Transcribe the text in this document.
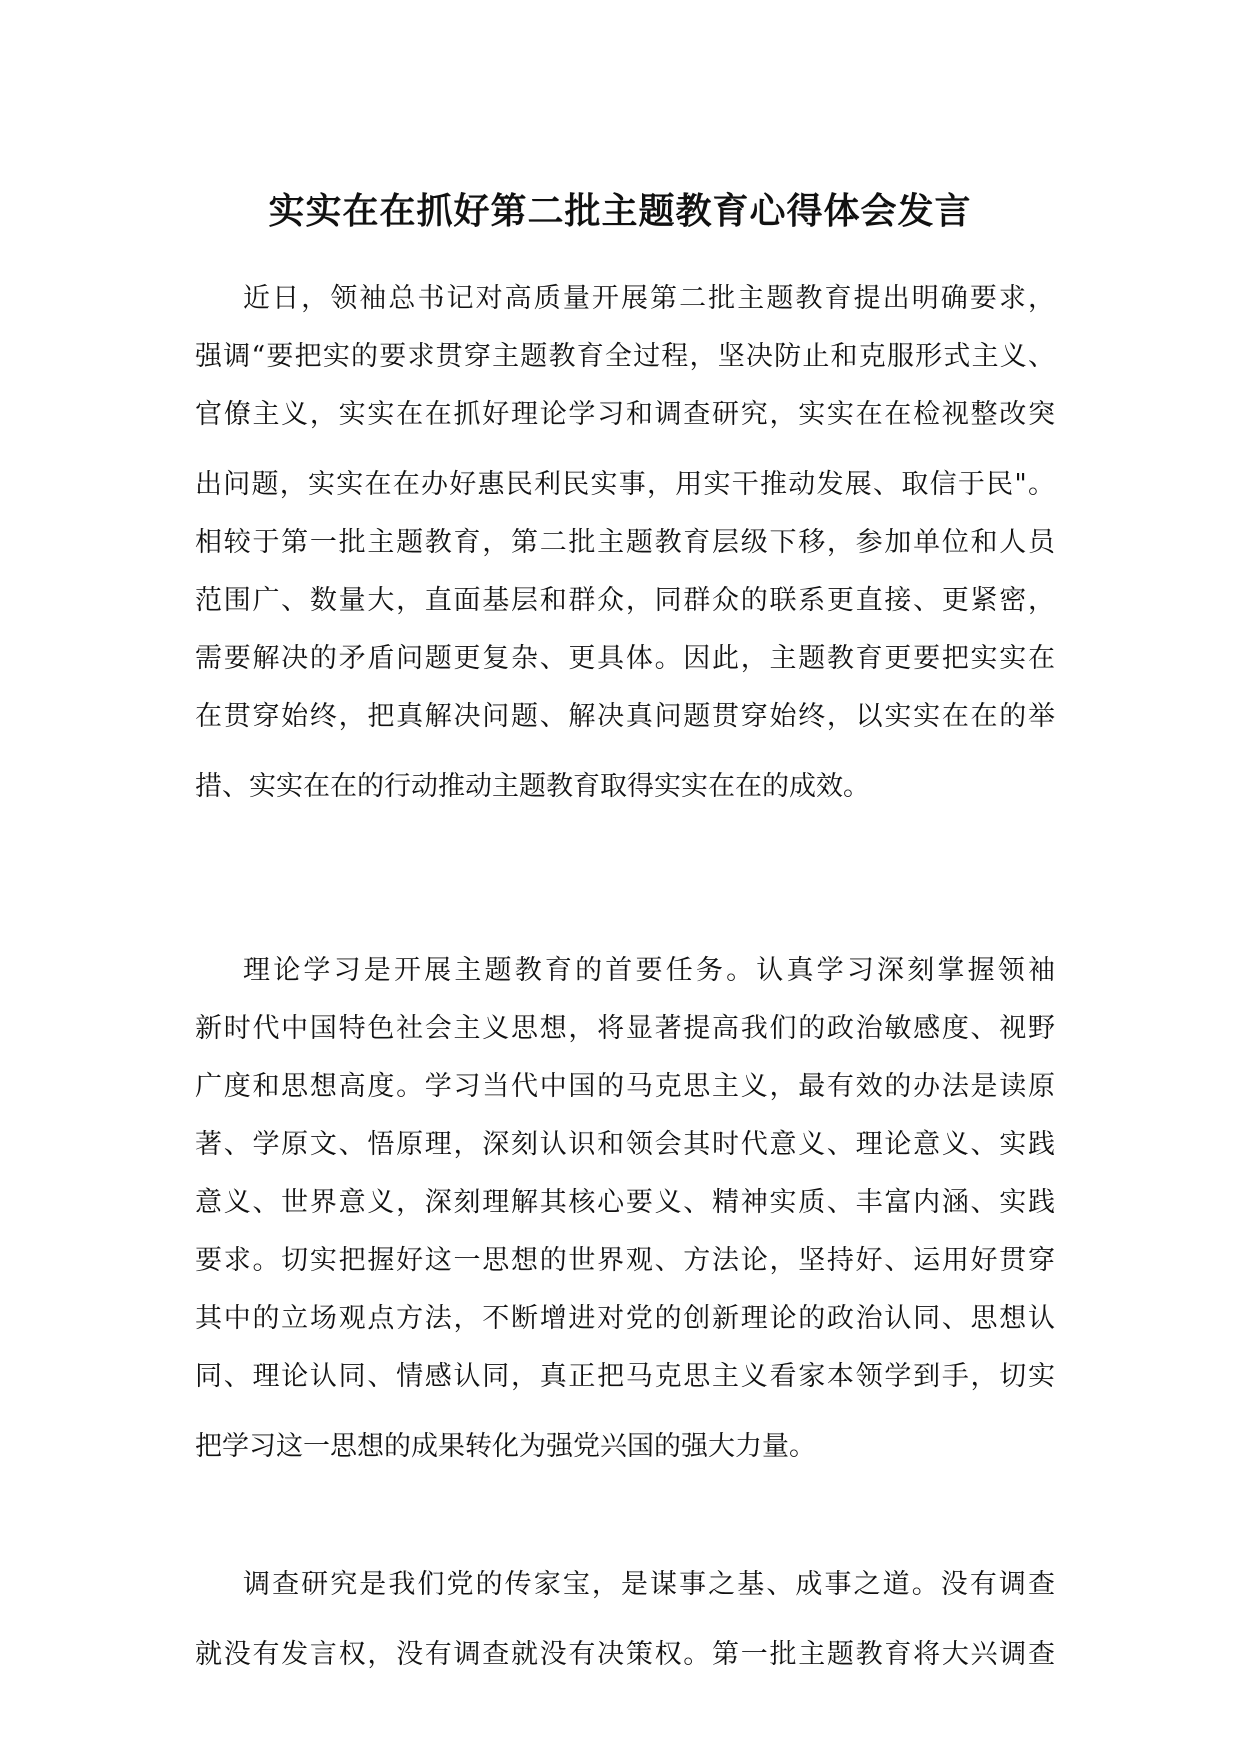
实实在在抓好第二批主题教育心得体会发言
近日，领袖总书记对高质量开展第二批主题教育提出明确要求，
强调“要把实的要求贯穿主题教育全过程，坚决防止和克服形式主义、
官僚主义，实实在在抓好理论学习和调查研究，实实在在检视整改突
出问题，实实在在办好惠民利民实事，用实干推动发展、取信于民"。
相较于第一批主题教育，第二批主题教育层级下移，参加单位和人员
范围广、数量大，直面基层和群众，同群众的联系更直接、更紧密，
需要解决的矛盾问题更复杂、更具体。因此，主题教育更要把实实在
在贯穿始终，把真解决问题、解决真问题贯穿始终，以实实在在的举
措、实实在在的行动推动主题教育取得实实在在的成效。
理论学习是开展主题教育的首要任务。认真学习深刻掌握领袖
新时代中国特色社会主义思想，将显著提高我们的政治敏感度、视野
广度和思想高度。学习当代中国的马克思主义，最有效的办法是读原
著、学原文、悟原理，深刻认识和领会其时代意义、理论意义、实践
意义、世界意义，深刻理解其核心要义、精神实质、丰富内涵、实践
要求。切实把握好这一思想的世界观、方法论，坚持好、运用好贯穿
其中的立场观点方法，不断增进对党的创新理论的政治认同、思想认
同、理论认同、情感认同，真正把马克思主义看家本领学到手，切实
把学习这一思想的成果转化为强党兴国的强大力量。
调查研究是我们党的传家宝，是谋事之基、成事之道。没有调查
就没有发言权，没有调查就没有决策权。第一批主题教育将大兴调查
